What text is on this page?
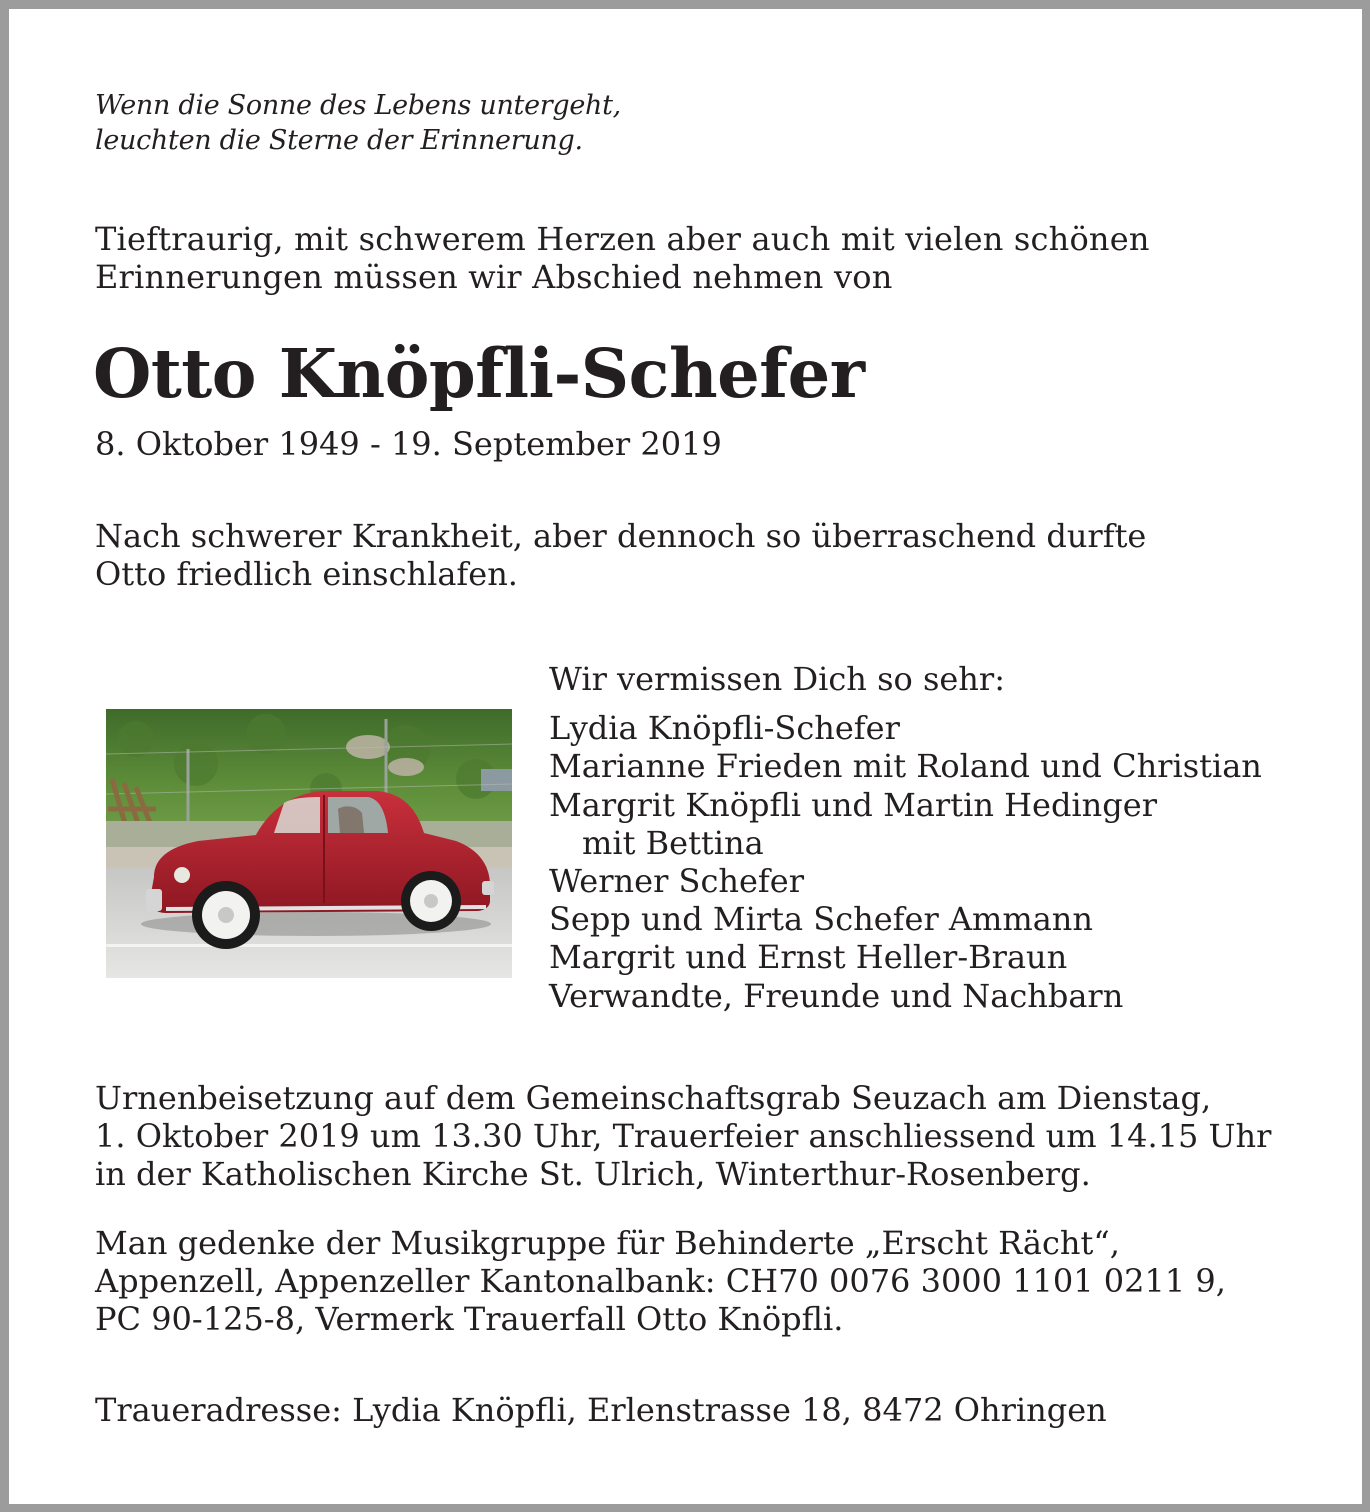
Wenn die Sonne des Lebens untergeht,
leuchten die Sterne der Erinnerung.
Tieftraurig, mit schwerem Herzen aber auch mit vielen schönen
Erinnerungen müssen wir Abschied nehmen von
Otto Knöpfli-Schefer
8. Oktober 1949 - 19. September 2019
Nach schwerer Krankheit, aber dennoch so überraschend durfte
Otto friedlich einschlafen.
Wir vermissen Dich so sehr:
Lydia Knöpfli-Schefer
Marianne Frieden mit Roland und Christian
Margrit Knöpfli und Martin Hedinger
mit Bettina
Werner Schefer
Sepp und Mirta Schefer Ammann
Margrit und Ernst Heller-Braun
Verwandte, Freunde und Nachbarn
Urnenbeisetzung auf dem Gemeinschaftsgrab Seuzach am Dienstag,
1. Oktober 2019 um 13.30 Uhr, Trauerfeier anschliessend um 14.15 Uhr
in der Katholischen Kirche St. Ulrich, Winterthur-Rosenberg.
Man gedenke der Musikgruppe für Behinderte „Erscht Rächt“,
Appenzell, Appenzeller Kantonalbank: CH70 0076 3000 1101 0211 9,
PC 90-125-8, Vermerk Trauerfall Otto Knöpfli.
Traueradresse: Lydia Knöpfli, Erlenstrasse 18, 8472 Ohringen
